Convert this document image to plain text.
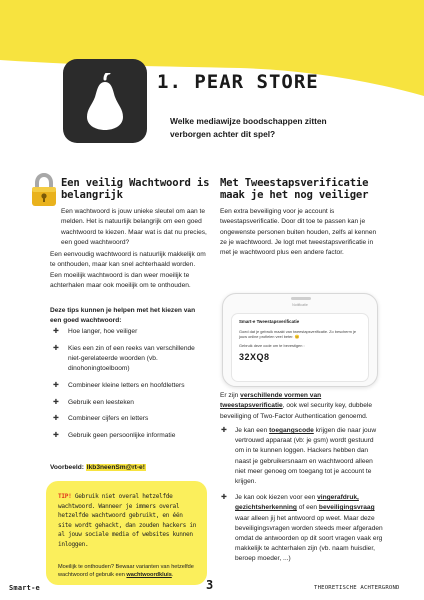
1. PEAR STORE

Welke mediawijze boodschappen zitten verborgen achter dit spel?

Een veilig Wachtwoord is belangrijk

Een wachtwoord is jouw unieke sleutel om aan te melden. Het is natuurlijk belangrijk om een goed wachtwoord te kiezen. Maar wat is dat nu precies, een goed wachtwoord?

Een eenvoudig wachtwoord is natuurlijk makkelijk om te onthouden, maar kan snel achterhaald worden. Een moeilijk wachtwoord is dan weer moeilijk te achterhalen maar ook moeilijk om te onthouden.

Deze tips kunnen je helpen met het kiezen van een goed wachtwoord:

✚ Hoe langer, hoe veiliger
✚ Kies een zin of een reeks van verschillende niet-gerelateerde woorden (vb. dinohoningtoelboom)
✚ Combineer kleine letters en hoofdletters
✚ Gebruik een leesteken
✚ Combineer cijfers en letters
✚ Gebruik geen persoonlijke informatie

Voorbeeld: Ikb3neenSm@rt-e!

TIP! Gebruik niet overal hetzelfde wachtwoord. Wanneer je immers overal hetzelfde wachtwoord gebruikt, en één site wordt gehackt, dan zouden hackers in al jouw sociale media of websites kunnen inloggen.

Moeilijk te onthouden? Bewaar varianten van hetzelfde wachtwoord of gebruik een wachtwoordkluis.

Met Tweestapsverificatie maak je het nog veiliger

Een extra beveiliging voor je account is tweestapsverificatie. Door dit toe te passen kan je ongewenste personen buiten houden, zelfs al kennen ze je wachtwoord. Je logt met tweestapsverificatie in met je wachtwoord plus een andere factor.

Notificatie
Smart-e Tweestapsverificatie
Goed dat je gebruik maakt van tweestapsverificatie. Zo bescherm je jouw online profielen veel beter. 😊
Gebruik deze code om te bevestigen :
32XQ8

Er zijn verschillende vormen van tweestapsverificatie, ook wel security key, dubbele beveiliging of Two-Factor Authentication genoemd.

✚ Je kan een toegangscode krijgen die naar jouw vertrouwd apparaat (vb: je gsm) wordt gestuurd om in te kunnen loggen. Hackers hebben dan naast je gebruikersnaam en wachtwoord alleen niet meer genoeg om toegang tot je account te krijgen.
✚ Je kan ook kiezen voor een vingerafdruk, gezichtsherkenning of een beveiligingsvraag waar alleen jij het antwoord op weet. Maar deze beveiligingsvragen worden steeds meer afgeraden omdat de antwoorden op dit soort vragen vaak erg makkelijk te achterhalen zijn (vb. naam huisdier, beroep moeder, ...)
Smart-e	3	THEORETISCHE ACHTERGROND
